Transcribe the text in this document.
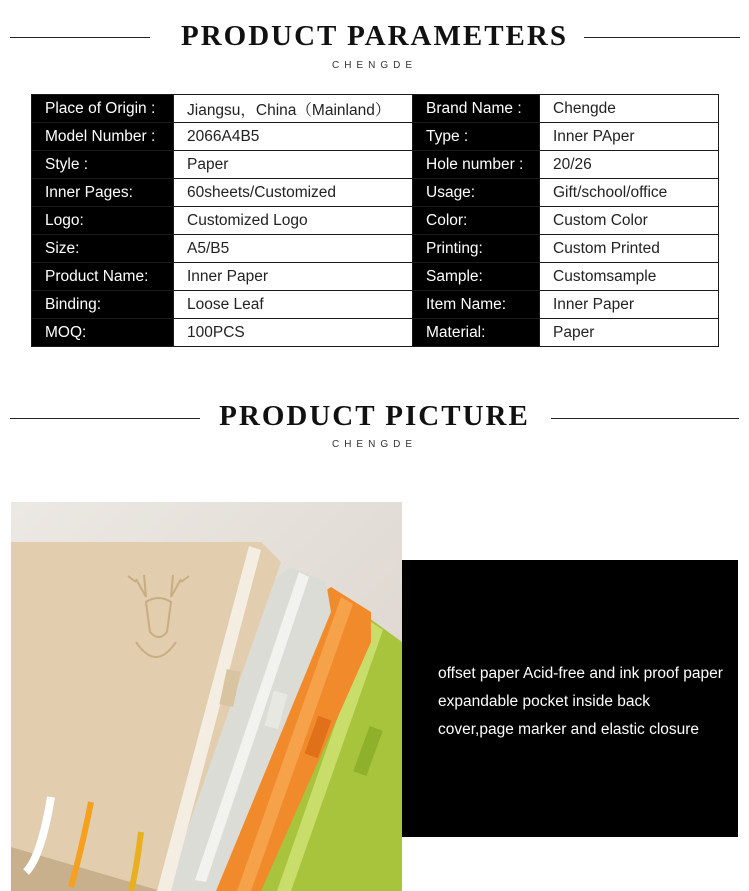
PRODUCT PARAMETERS
CHENGDE
Place of Origin :	Jiangsu，China（Mainland）	Brand Name :	Chengde
Model Number :	2066A4B5	Type :	Inner PAper
Style :	Paper	Hole number :	20/26
Inner Pages:	60sheets/Customized	Usage:	Gift/school/office
Logo:	Customized Logo	Color:	Custom Color
Size:	A5/B5	Printing:	Custom Printed
Product Name:	Inner Paper	Sample:	Customsample
Binding:	Loose Leaf	Item Name:	Inner Paper
MOQ:	100PCS	Material:	Paper
PRODUCT PICTURE
CHENGDE
offset paper Acid-free and ink proof paper expandable pocket inside back cover,page marker and elastic closure
